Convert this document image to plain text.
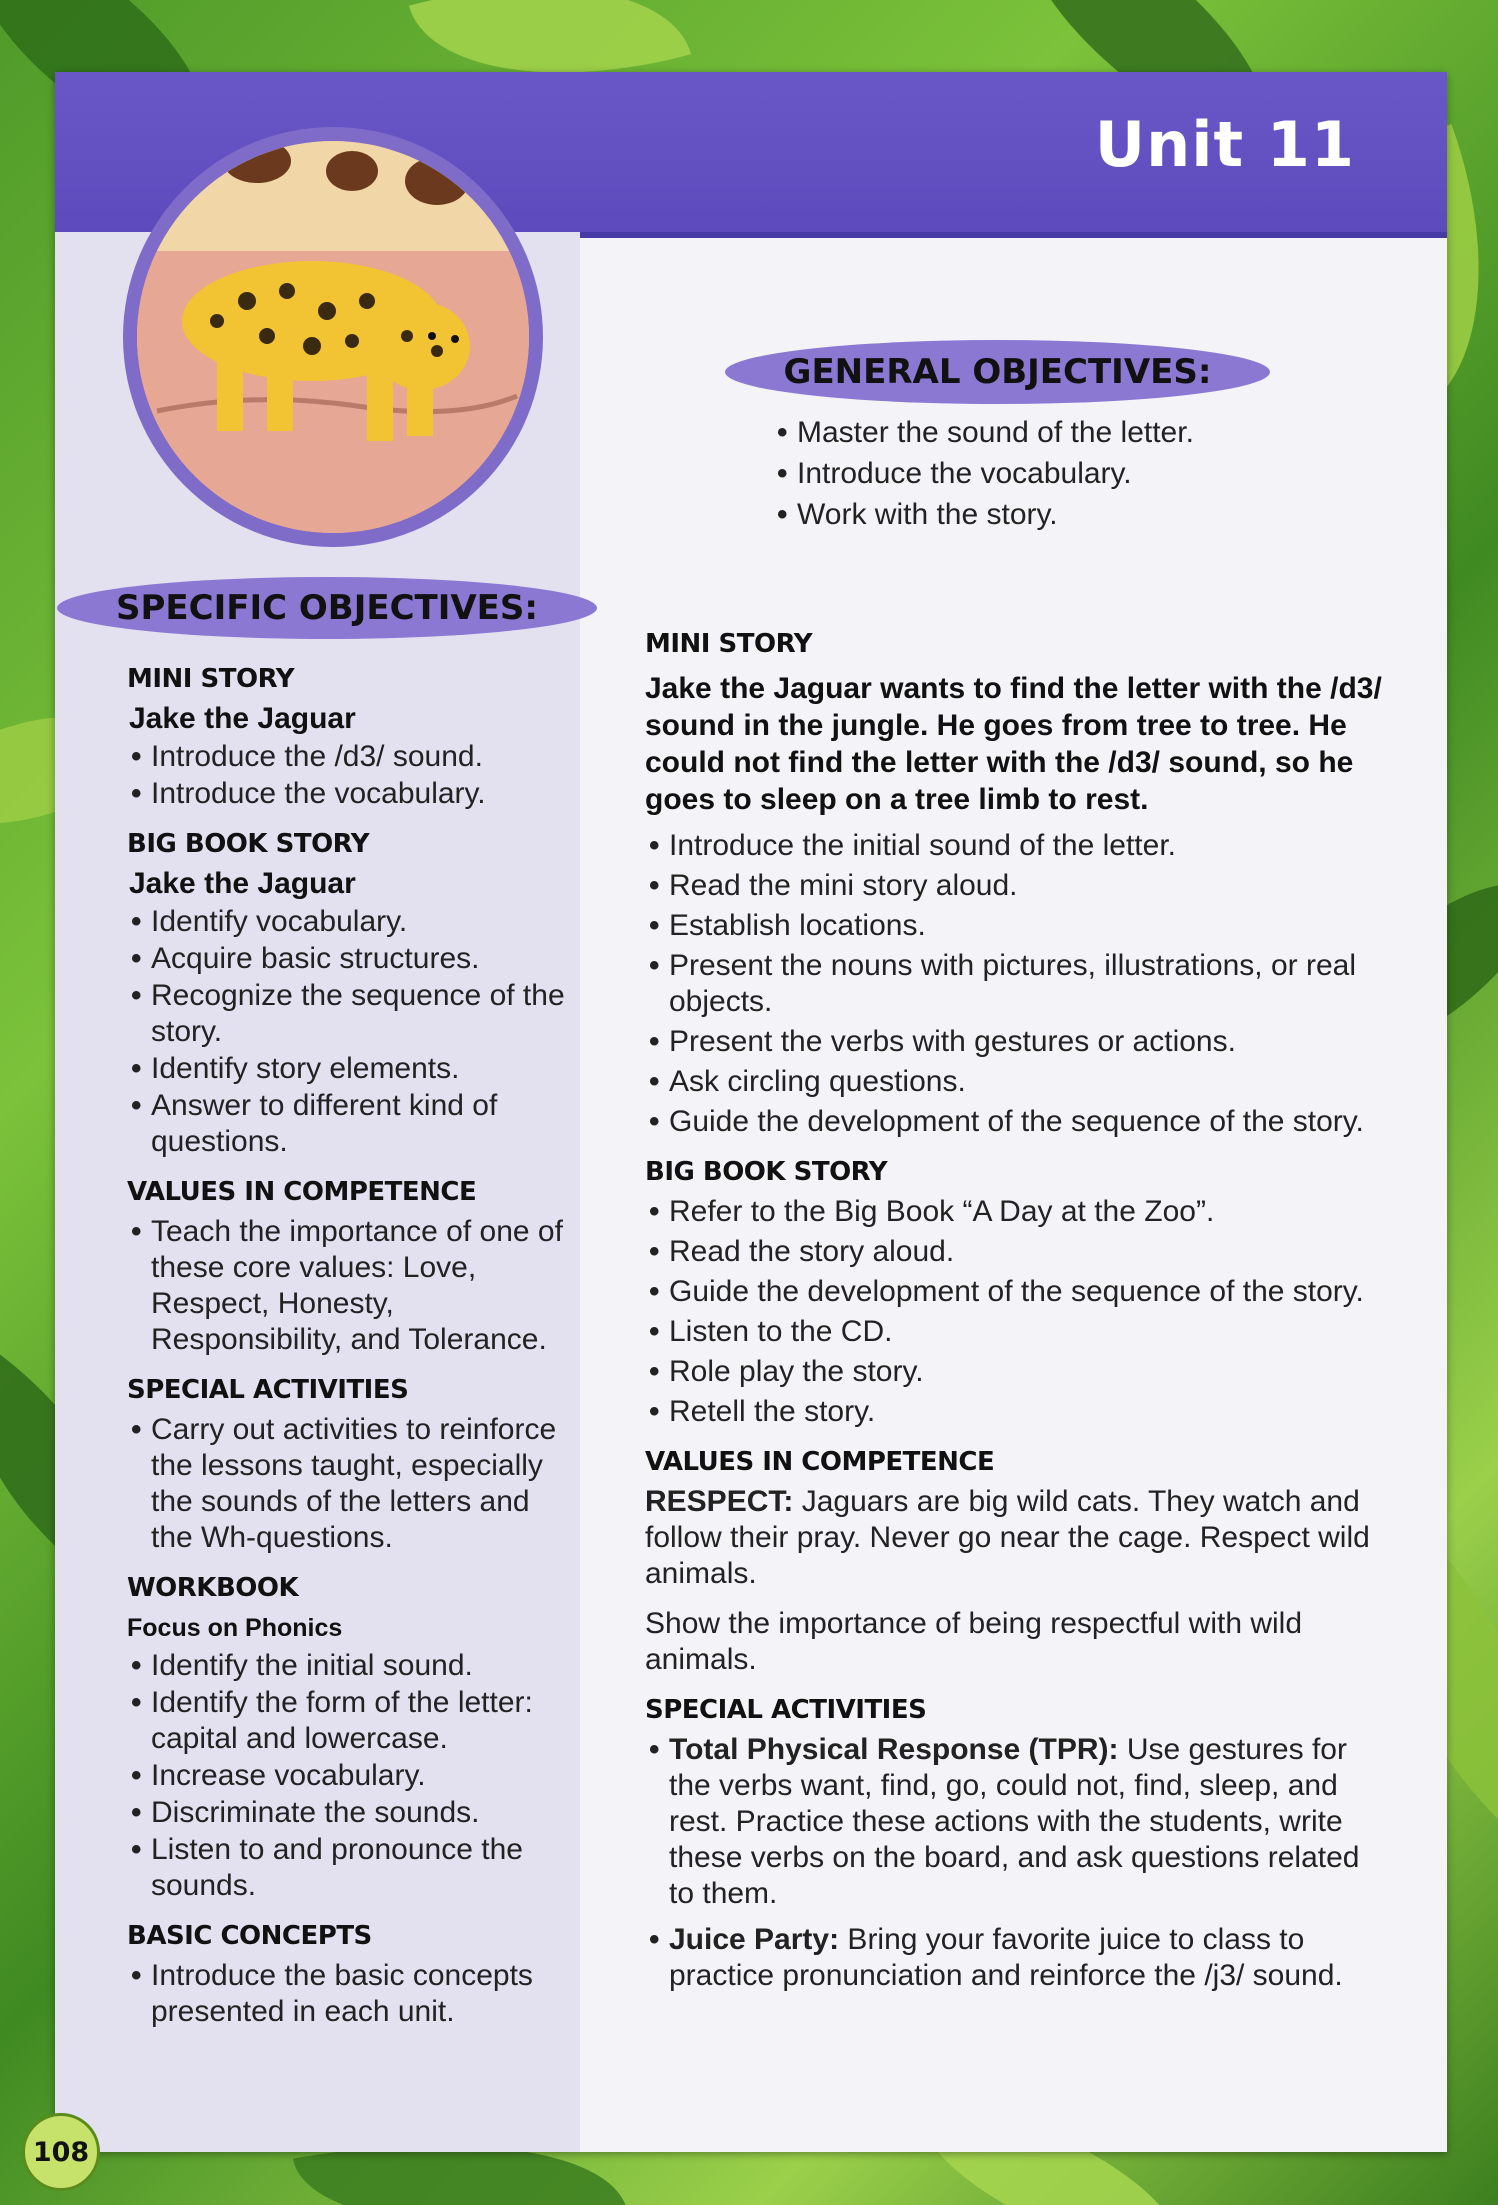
Unit 11
GENERAL OBJECTIVES:
• Master the sound of the letter.
• Introduce the vocabulary.
• Work with the story.
SPECIFIC OBJECTIVES:
MINI STORY
Jake the Jaguar
• Introduce the /d3/ sound.
• Introduce the vocabulary.
BIG BOOK STORY
Jake the Jaguar
• Identify vocabulary.
• Acquire basic structures.
• Recognize the sequence of the story.
• Identify story elements.
• Answer to different kind of questions.
VALUES IN COMPETENCE
• Teach the importance of one of these core values: Love, Respect, Honesty, Responsibility, and Tolerance.
SPECIAL ACTIVITIES
• Carry out activities to reinforce the lessons taught, especially the sounds of the letters and the Wh-questions.
WORKBOOK
Focus on Phonics
• Identify the initial sound.
• Identify the form of the letter: capital and lowercase.
• Increase vocabulary.
• Discriminate the sounds.
• Listen to and pronounce the sounds.
BASIC CONCEPTS
• Introduce the basic concepts presented in each unit.
MINI STORY
Jake the Jaguar wants to find the letter with the /d3/ sound in the jungle. He goes from tree to tree. He could not find the letter with the /d3/ sound, so he goes to sleep on a tree limb to rest.
• Introduce the initial sound of the letter.
• Read the mini story aloud.
• Establish locations.
• Present the nouns with pictures, illustrations, or real objects.
• Present the verbs with gestures or actions.
• Ask circling questions.
• Guide the development of the sequence of the story.
BIG BOOK STORY
• Refer to the Big Book “A Day at the Zoo”.
• Read the story aloud.
• Guide the development of the sequence of the story.
• Listen to the CD.
• Role play the story.
• Retell the story.
VALUES IN COMPETENCE
RESPECT: Jaguars are big wild cats. They watch and follow their pray. Never go near the cage. Respect wild animals.
Show the importance of being respectful with wild animals.
SPECIAL ACTIVITIES
• Total Physical Response (TPR): Use gestures for the verbs want, find, go, could not, find, sleep, and rest. Practice these actions with the students, write these verbs on the board, and ask questions related to them.
• Juice Party: Bring your favorite juice to class to practice pronunciation and reinforce the /j3/ sound.
108
